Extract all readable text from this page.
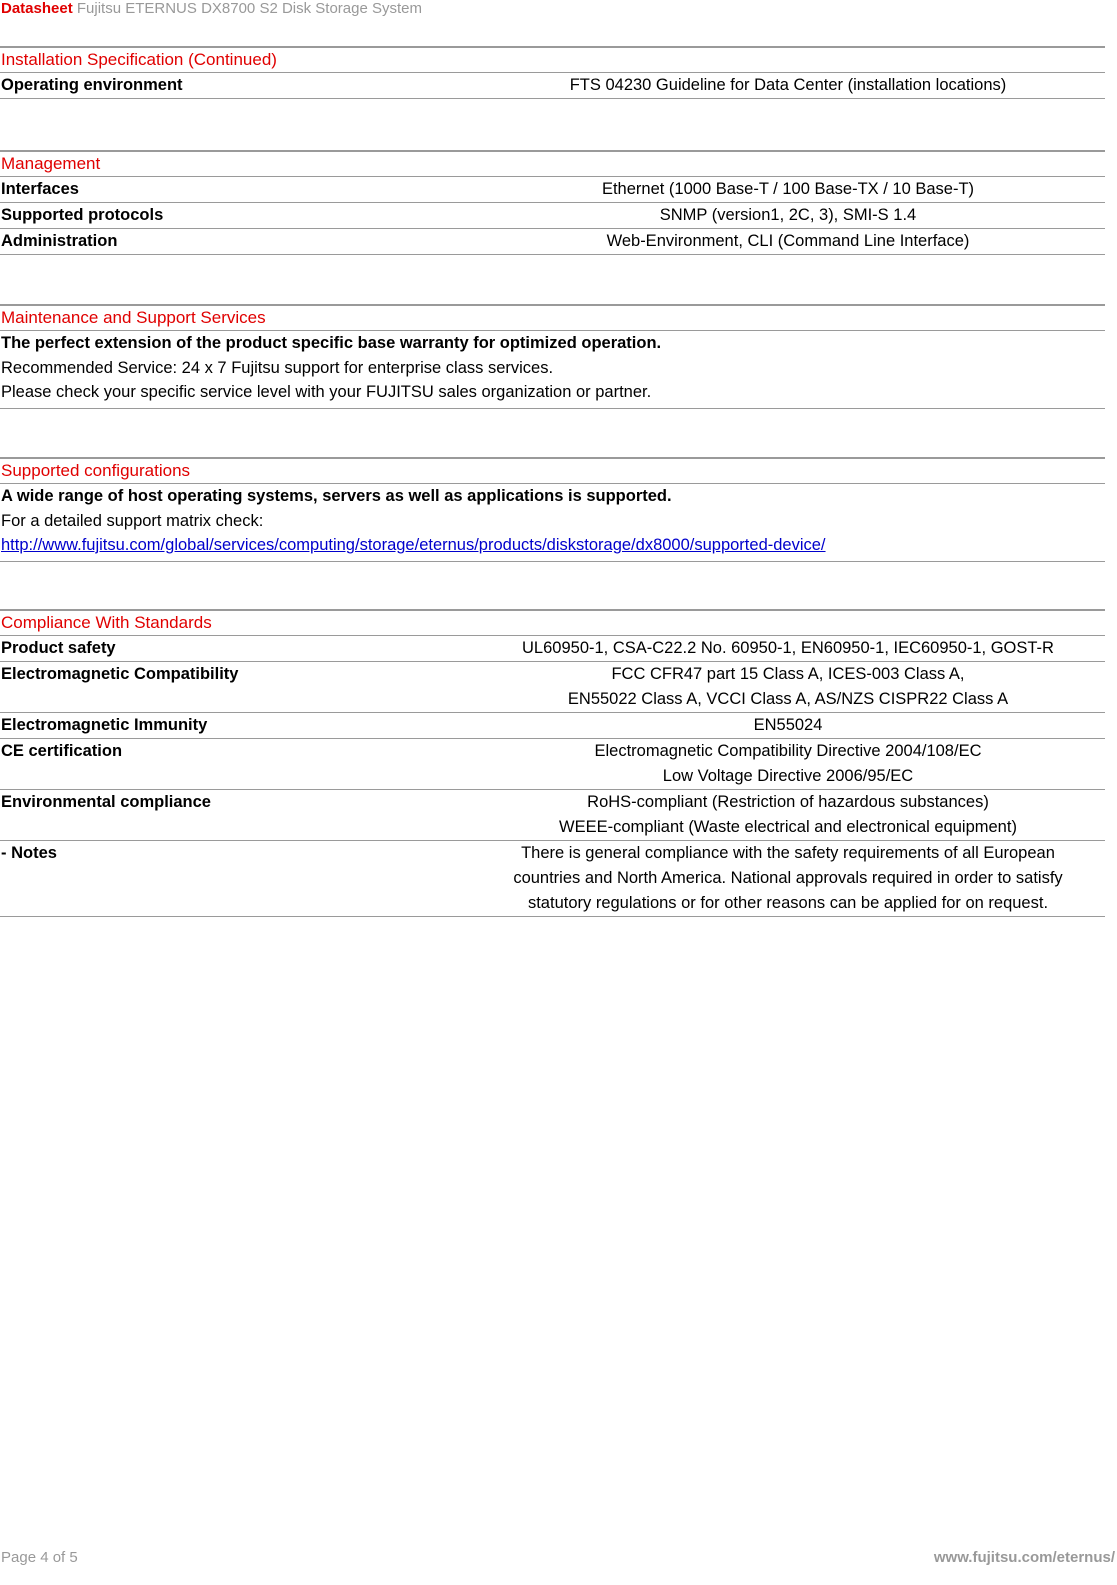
Datasheet Fujitsu ETERNUS DX8700 S2 Disk Storage System
Installation Specification (Continued)
Operating environment	FTS 04230 Guideline for Data Center (installation locations)
Management
Interfaces	Ethernet (1000 Base-T / 100 Base-TX / 10 Base-T)
Supported protocols	SNMP (version1, 2C, 3), SMI-S 1.4
Administration	Web-Environment, CLI (Command Line Interface)
Maintenance and Support Services
The perfect extension of the product specific base warranty for optimized operation.
Recommended Service: 24 x 7 Fujitsu support for enterprise class services.
Please check your specific service level with your FUJITSU sales organization or partner.
Supported configurations
A wide range of host operating systems, servers as well as applications is supported.
For a detailed support matrix check:
http://www.fujitsu.com/global/services/computing/storage/eternus/products/diskstorage/dx8000/supported-device/
Compliance With Standards
Product safety	UL60950-1, CSA-C22.2 No. 60950-1, EN60950-1, IEC60950-1, GOST-R
Electromagnetic Compatibility	FCC CFR47 part 15 Class A, ICES-003 Class A,
EN55022 Class A, VCCI Class A, AS/NZS CISPR22 Class A
Electromagnetic Immunity	EN55024
CE certification	Electromagnetic Compatibility Directive 2004/108/EC
Low Voltage Directive 2006/95/EC
Environmental compliance	RoHS-compliant (Restriction of hazardous substances)
WEEE-compliant (Waste electrical and electronical equipment)
- Notes	There is general compliance with the safety requirements of all European
countries and North America. National approvals required in order to satisfy
statutory regulations or for other reasons can be applied for on request.
Page 4 of 5	www.fujitsu.com/eternus/
